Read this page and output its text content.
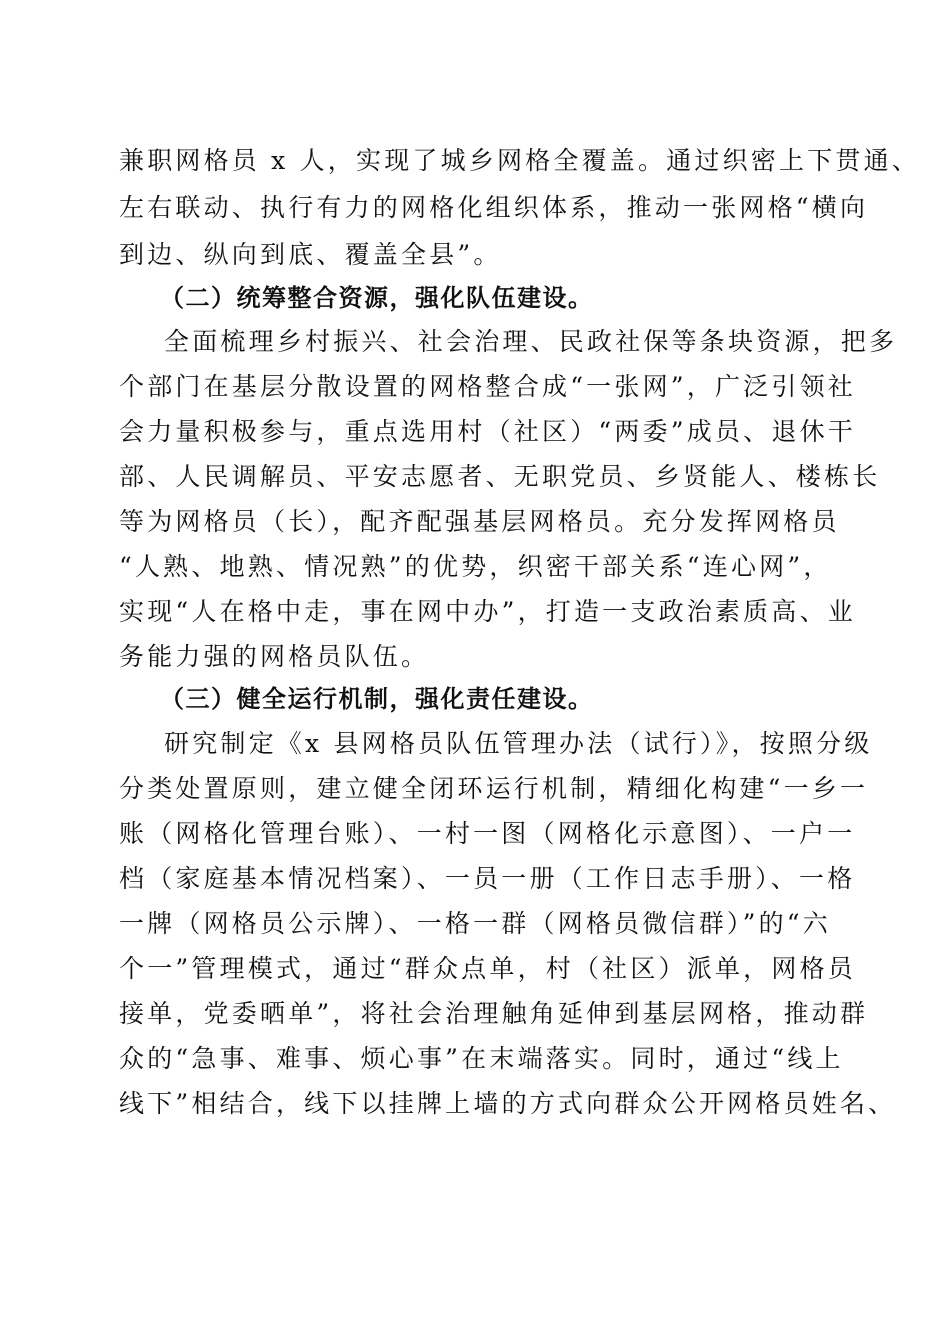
兼职网格员 x 人，实现了城乡网格全覆盖。通过织密上下贯通、
左右联动、执行有力的网格化组织体系，推动一张网格“横向
到边、纵向到底、覆盖全县”。
（二）统筹整合资源，强化队伍建设。
全面梳理乡村振兴、社会治理、民政社保等条块资源，把多
个部门在基层分散设置的网格整合成“一张网”，广泛引领社
会力量积极参与，重点选用村（社区）“两委”成员、退休干
部、人民调解员、平安志愿者、无职党员、乡贤能人、楼栋长
等为网格员（长），配齐配强基层网格员。充分发挥网格员
“人熟、地熟、情况熟”的优势，织密干部关系“连心网”，
实现“人在格中走，事在网中办”，打造一支政治素质高、业
务能力强的网格员队伍。
（三）健全运行机制，强化责任建设。
研究制定《x 县网格员队伍管理办法（试行）》，按照分级
分类处置原则，建立健全闭环运行机制，精细化构建“一乡一
账（网格化管理台账）、一村一图（网格化示意图）、一户一
档（家庭基本情况档案）、一员一册（工作日志手册）、一格
一牌（网格员公示牌）、一格一群（网格员微信群）”的“六
个一”管理模式，通过“群众点单，村（社区）派单，网格员
接单，党委晒单”，将社会治理触角延伸到基层网格，推动群
众的“急事、难事、烦心事”在末端落实。同时，通过“线上
线下”相结合，线下以挂牌上墙的方式向群众公开网格员姓名、
